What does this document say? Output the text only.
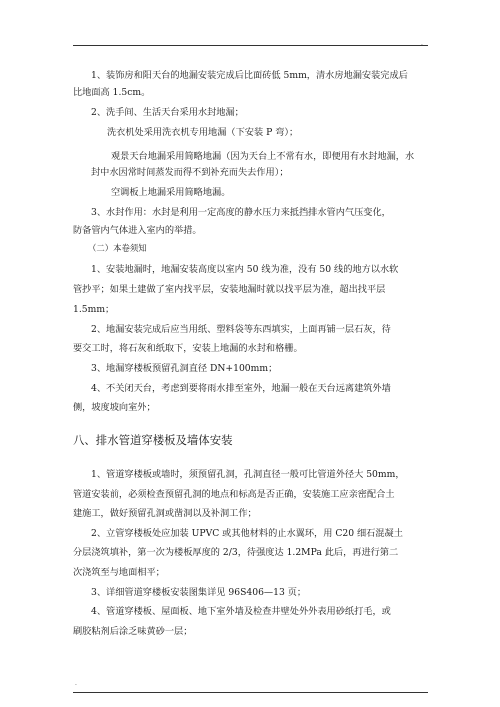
.
1、装饰房和阳天台的地漏安装完成后比面砖低 5mm，清水房地漏安装完成后
比地面高 1.5cm。
2、洗手间、生活天台采用水封地漏；
洗衣机处采用洗衣机专用地漏（下安装 P 弯）；
观景天台地漏采用简略地漏（因为天台上不常有水，即便用有水封地漏，水
封中水因常时间蒸发而得不到补充而失去作用）；
空调板上地漏采用简略地漏。
3、水封作用：水封是利用一定高度的静水压力来抵挡排水管内气压变化，
防备管内气体进入室内的举措。
（二）本卷须知
1、安装地漏时，地漏安装高度以室内 50 线为准，没有 50 线的地方以水软
管抄平；如果土建做了室内找平层，安装地漏时就以找平层为准，超出找平层
1.5mm；
2、地漏安装完成后应当用纸、塑料袋等东西填实，上面再铺一层石灰，待
要交工时，将石灰和纸取下，安装上地漏的水封和格栅。
3、地漏穿楼板预留孔洞直径 DN+100mm；
4、不关闭天台，考虑到要将雨水排至室外，地漏一般在天台远离建筑外墙
侧，坡度坡向室外；
八、排水管道穿楼板及墙体安装
1、管道穿楼板或墙时，须预留孔洞，孔洞直径一般可比管道外径大 50mm，
管道安装前，必须检查预留孔洞的地点和标高是否正确，安装施工应亲密配合土
建施工，做好预留孔洞或凿洞以及补洞工作；
2、立管穿楼板处应加装 UPVC 或其他材料的止水翼环，用 C20 细石混凝土
分层浇筑填补，第一次为楼板厚度的 2/3，待强度达 1.2MPa 此后，再进行第二
次浇筑至与地面相平；
3、详细管道穿楼板安装图集详见 96S406—13 页；
4、管道穿楼板、屋面板、地下室外墙及检查井壁处外外表用砂纸打毛，或
刷胶粘剂后涂乏味黄砂一层；
.
